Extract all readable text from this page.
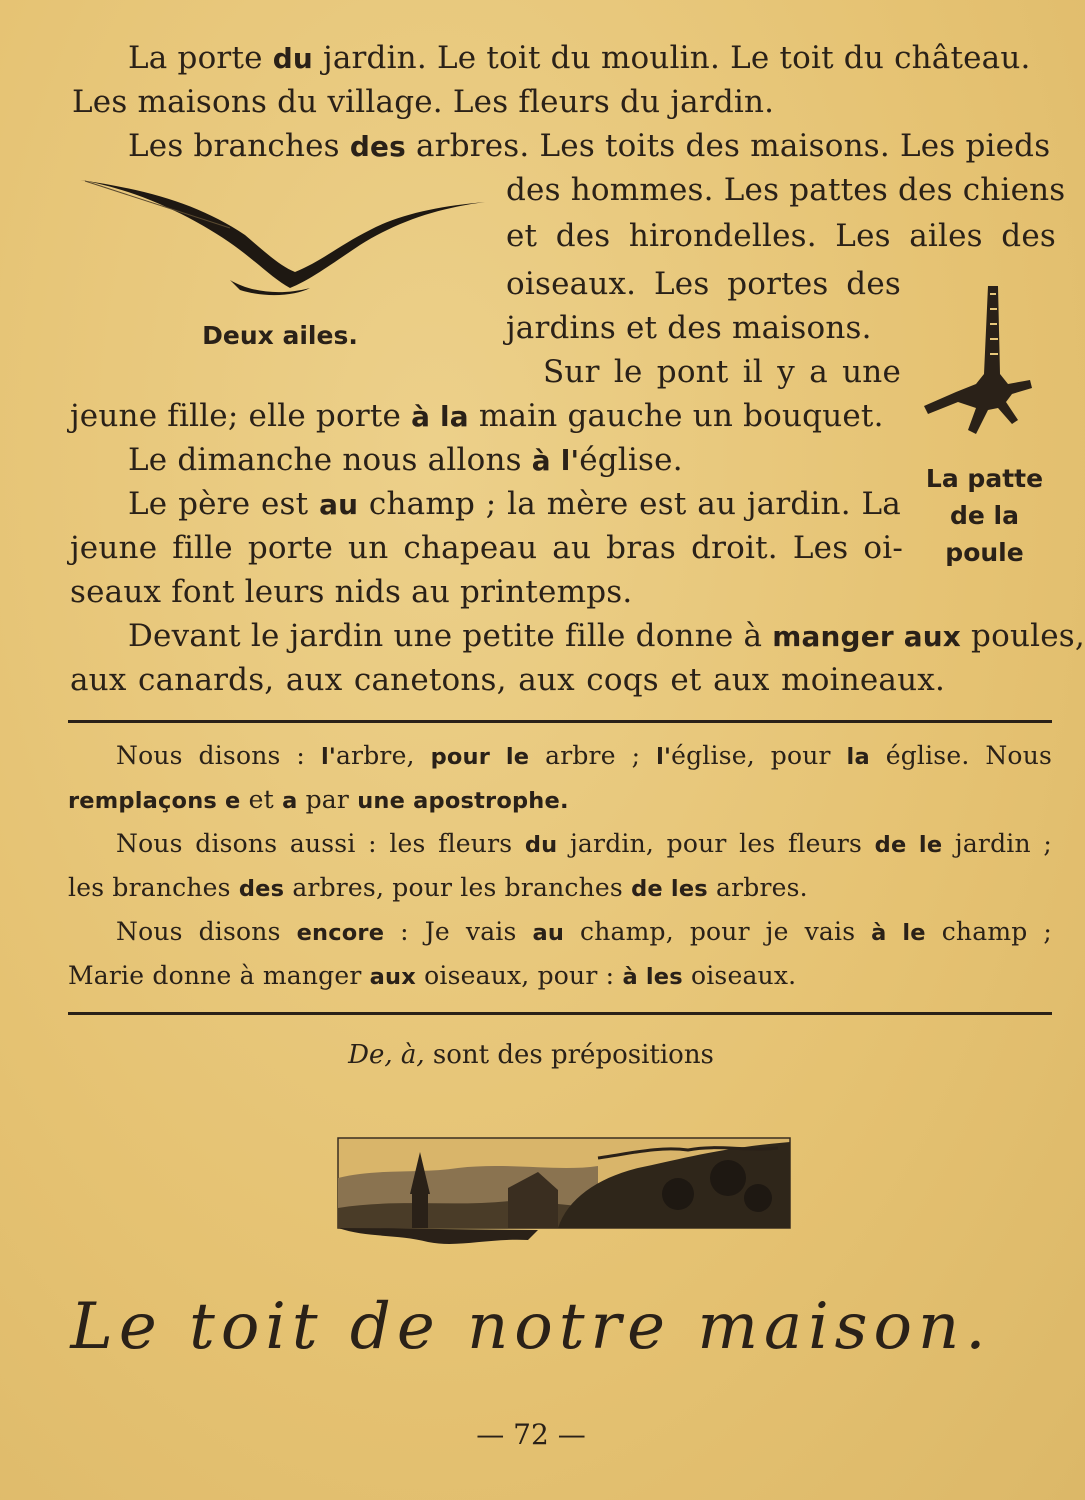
La porte du jardin. Le toit du moulin. Le toit du château.
Les maisons du village. Les fleurs du jardin.
Les branches des arbres. Les toits des maisons. Les pieds
Deux ailes.
des hommes. Les pattes des chiens
et des hirondelles. Les ailes des
oiseaux. Les portes des
jardins et des maisons.
Sur le pont il y a une
jeune fille; elle porte à la main gauche un bouquet.
Le dimanche nous allons à l'église.
La patte
de la
poule
Le père est au champ ; la mère est au jardin. La
jeune fille porte un chapeau au bras droit. Les oi-
seaux font leurs nids au printemps.
Devant le jardin une petite fille donne à manger aux poules,
aux canards, aux canetons, aux coqs et aux moineaux.
Nous disons : l'arbre, pour le arbre ; l'église, pour la église. Nous
remplaçons e et a par une apostrophe.
Nous disons aussi : les fleurs du jardin, pour les fleurs de le jardin ;
les branches des arbres, pour les branches de les arbres.
Nous disons encore : Je vais au champ, pour je vais à le champ ;
Marie donne à manger aux oiseaux, pour : à les oiseaux.
De, à, sont des prépositions
Le toit de notre maison.
— 72 —
